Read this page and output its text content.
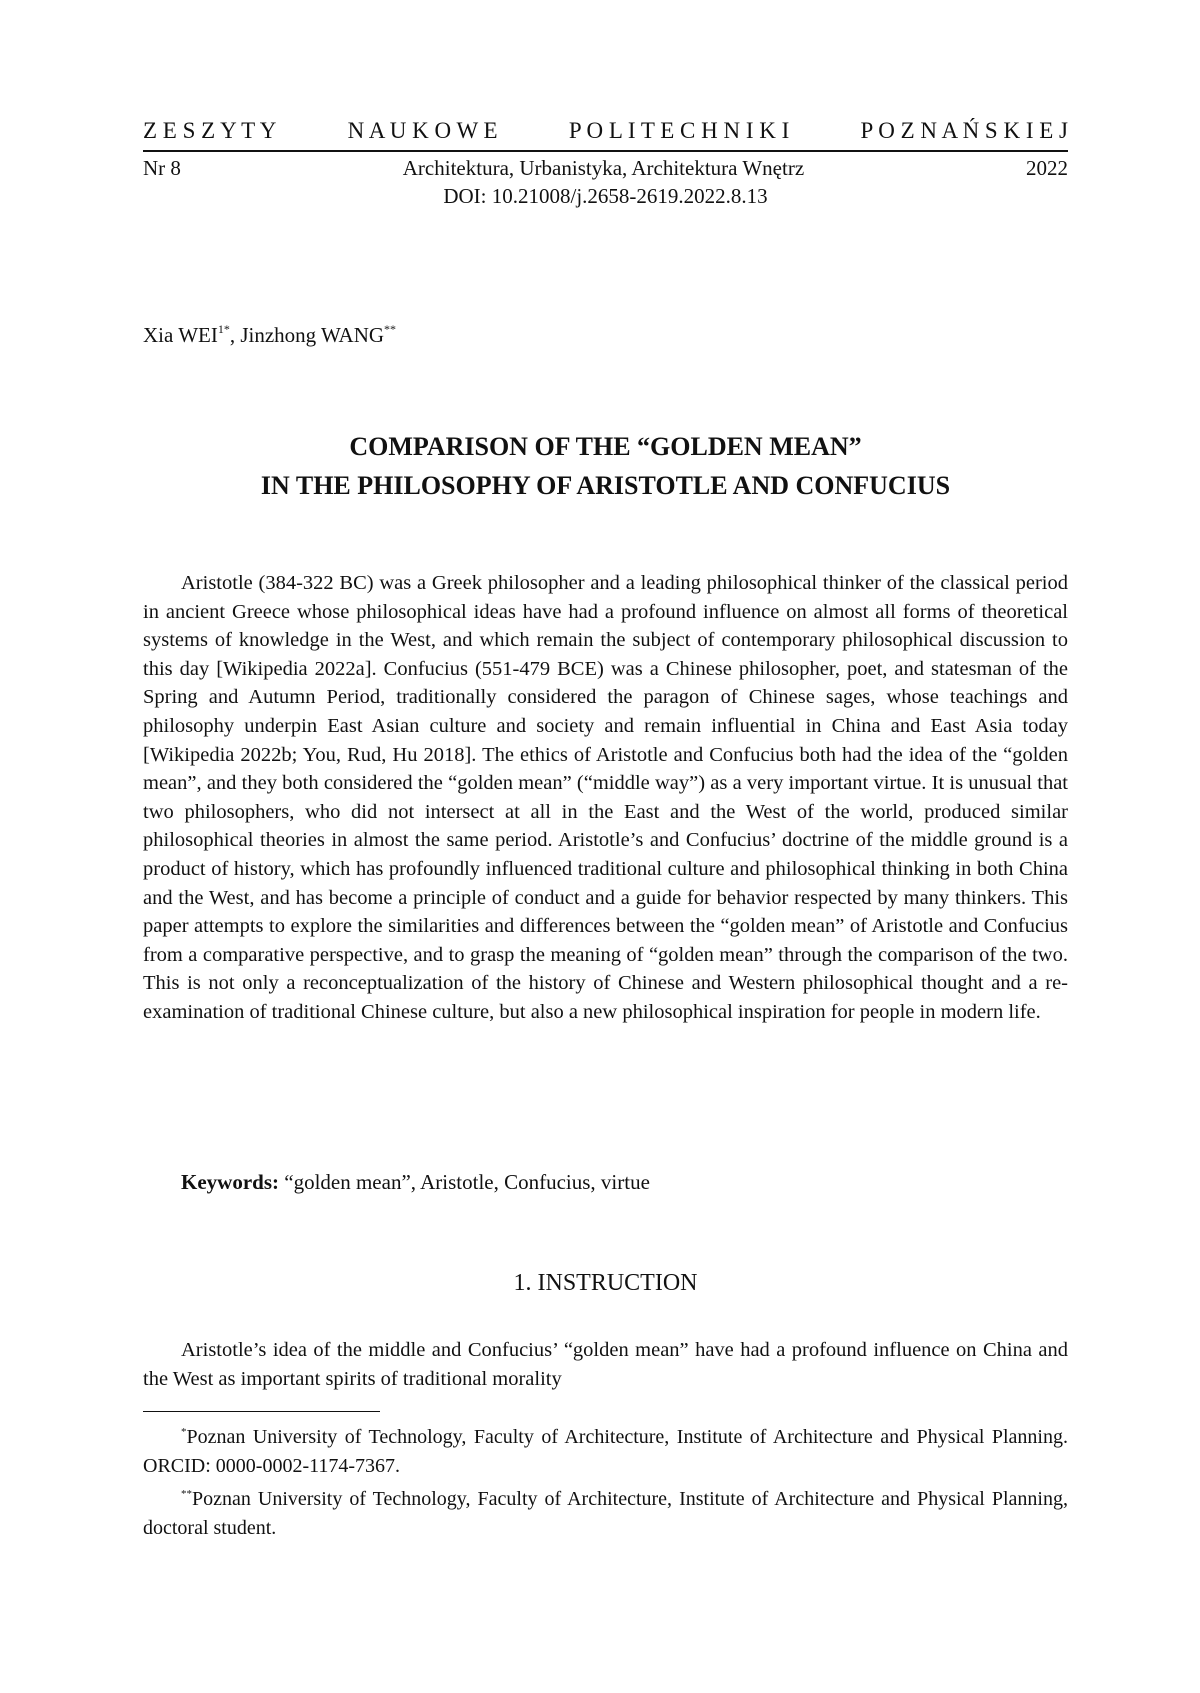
Z E S Z Y T Y	N A U K O W E	P O L I T E C H N I K I	P O Z N A Ń S K I E J
Nr 8	Architektura, Urbanistyka, Architektura Wnętrz	2022
DOI: 10.21008/j.2658-2619.2022.8.13
Xia $WEI^{1*}$, Jinzhong WANG**
COMPARISON OF THE “GOLDEN MEAN”
IN THE PHILOSOPHY OF ARISTOTLE AND CONFUCIUS

Aristotle (384-322 BC) was a Greek philosopher and a leading philosophical thinker of the classical period in ancient Greece whose philosophical ideas have had a profound influence on almost all forms of theoretical systems of knowledge in the West, and which remain the subject of contemporary philosophical discussion to this day [Wikipedia 2022a]. Confucius (551-479 BCE) was a Chinese philosopher, poet, and statesman of the Spring and Autumn Period, traditionally considered the paragon of Chinese sages, whose teachings and philosophy underpin East Asian culture and society and remain influential in China and East Asia today [Wikipedia 2022b; You, Rud, Hu 2018]. The ethics of Aristotle and Confucius both had the idea of the “golden mean”, and they both considered the “golden mean” (“middle way”) as a very important virtue. It is unusual that two philosophers, who did not intersect at all in the East and the West of the world, produced similar philosophical theories in almost the same period. Aristotle’s and Confucius’ doctrine of the middle ground is a product of history, which has profoundly influenced traditional culture and philosophical thinking in both China and the West, and has become a principle of conduct and a guide for behavior respected by many thinkers. This paper attempts to explore the similarities and differences between the “golden mean” of Aristotle and Confucius from a comparative perspective, and to grasp the meaning of “golden mean” through the comparison of the two. This is not only a reconceptualization of the history of Chinese and Western philosophical thought and a re-examination of traditional Chinese culture, but also a new philosophical inspiration for people in modern life.

Keywords: “golden mean”, Aristotle, Confucius, virtue
1. INSTRUCTION

Aristotle’s idea of the middle and Confucius’ “golden mean” have had a profound influence on China and the West as important spirits of traditional morality

*Poznan University of Technology, Faculty of Architecture, Institute of Architecture and Physical Planning. ORCID: 0000-0002-1174-7367.

**Poznan University of Technology, Faculty of Architecture, Institute of Architecture and Physical Planning, doctoral student.
